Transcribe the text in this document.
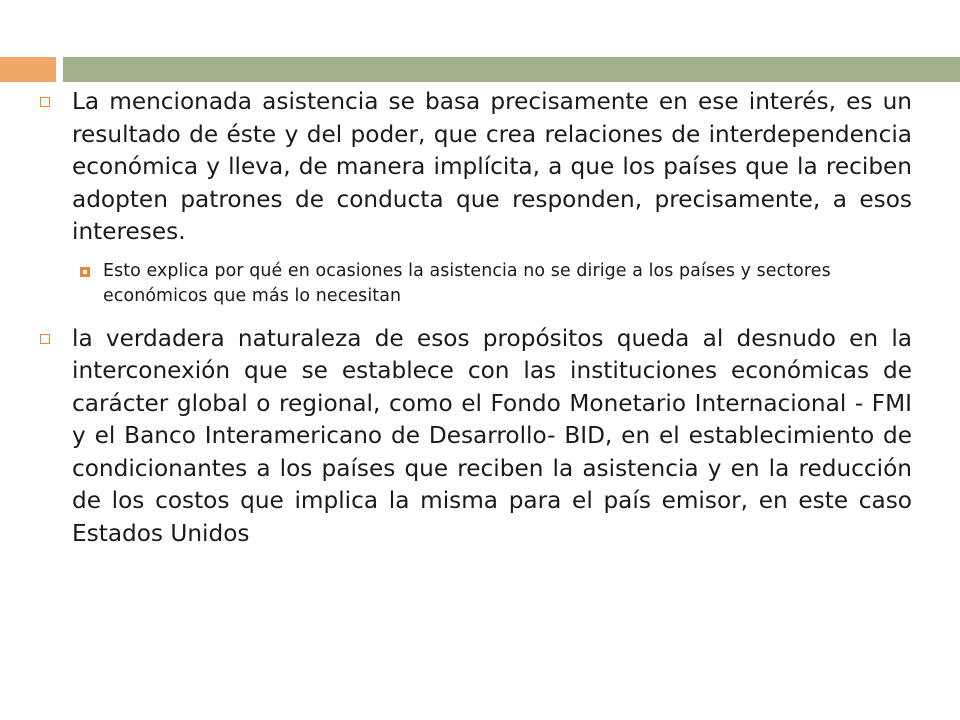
La mencionada asistencia se basa precisamente en ese interés, es un resultado de éste y del poder, que crea relaciones de interdependencia económica y lleva, de manera implícita, a que los países que la reciben adopten patrones de conducta que responden, precisamente, a esos intereses.

Esto explica por qué en ocasiones la asistencia no se dirige a los países y sectores económicos que más lo necesitan

la verdadera naturaleza de esos propósitos queda al desnudo en la interconexión que se establece con las instituciones económicas de carácter global o regional, como el Fondo Monetario Internacional - FMI y el Banco Interamericano de Desarrollo- BID, en el establecimiento de condicionantes a los países que reciben la asistencia y en la reducción de los costos que implica la misma para el país emisor, en este caso Estados Unidos
